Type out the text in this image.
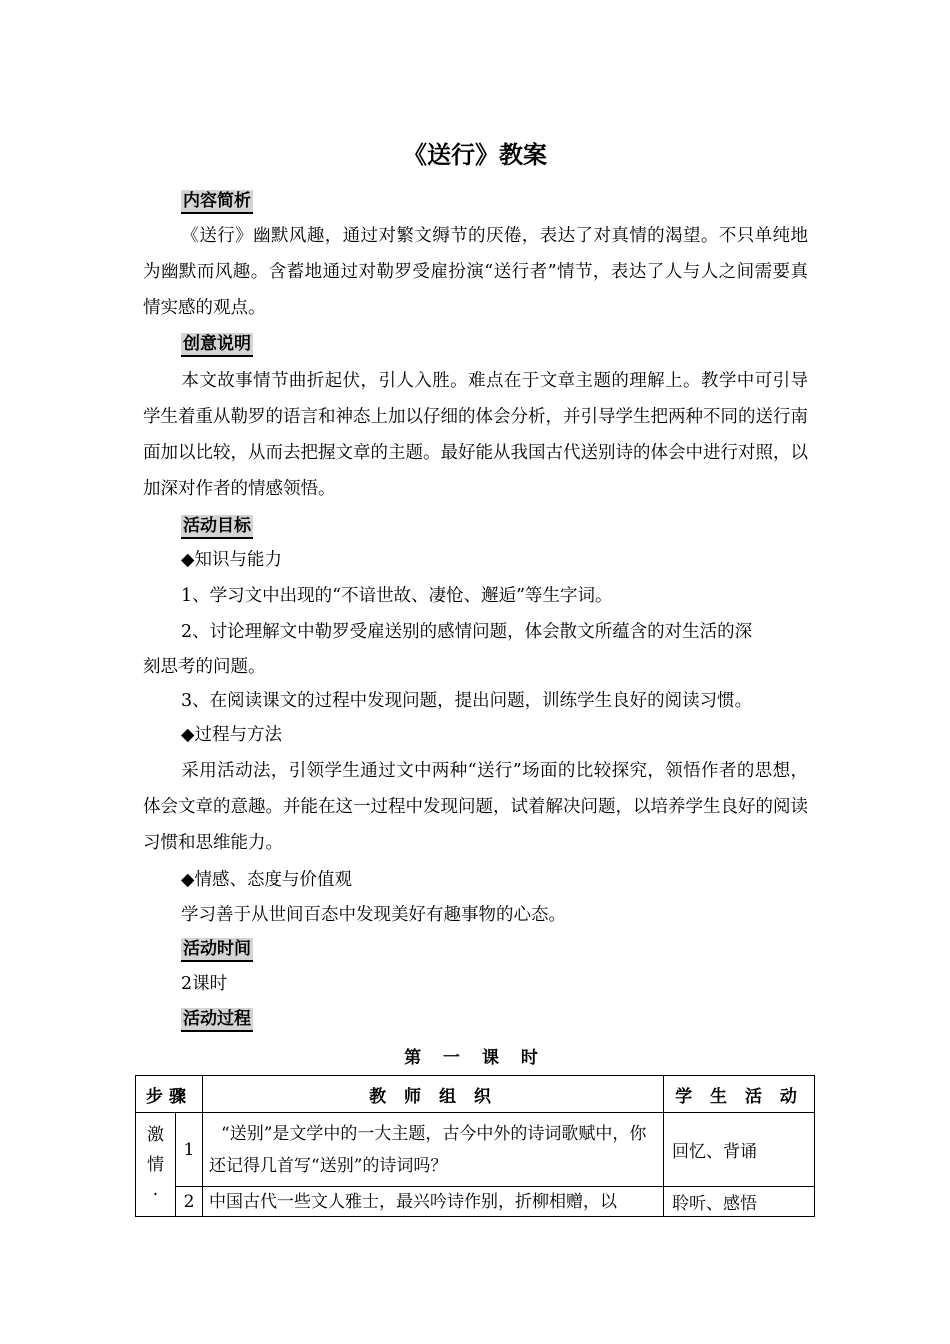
《送行》教案
内容简析
《送行》幽默风趣，通过对繁文缛节的厌倦，表达了对真情的渴望。不只单纯地为幽默而风趣。含蓄地通过对勒罗受雇扮演“送行者”情节，表达了人与人之间需要真情实感的观点。
创意说明
本文故事情节曲折起伏，引人入胜。难点在于文章主题的理解上。教学中可引导学生着重从勒罗的语言和神态上加以仔细的体会分析，并引导学生把两种不同的送行南面加以比较，从而去把握文章的主题。最好能从我国古代送别诗的体会中进行对照，以加深对作者的情感领悟。
活动目标
◆知识与能力
1、学习文中出现的“不谙世故、凄怆、邂逅”等生字词。
2、讨论理解文中勒罗受雇送别的感情问题，体会散文所蕴含的对生活的深
刻思考的问题。
3、在阅读课文的过程中发现问题，提出问题，训练学生良好的阅读习惯。
◆过程与方法
采用活动法，引领学生通过文中两种“送行”场面的比较探究，领悟作者的思想，体会文章的意趣。并能在这一过程中发现问题，试着解决问题，以培养学生良好的阅读习惯和思维能力。
◆情感、态度与价值观
学习善于从世间百态中发现美好有趣事物的心态。
活动时间
2课时
活动过程
第 一 课 时
步骤		教 师 组 织	学 生 活 动
激情·	1	“送别”是文学中的一大主题，古今中外的诗词歌赋中，你还记得几首写“送别”的诗词吗？	回忆、背诵
	2	中国古代一些文人雅士，最兴吟诗作别，折柳相赠，以	聆听、感悟
